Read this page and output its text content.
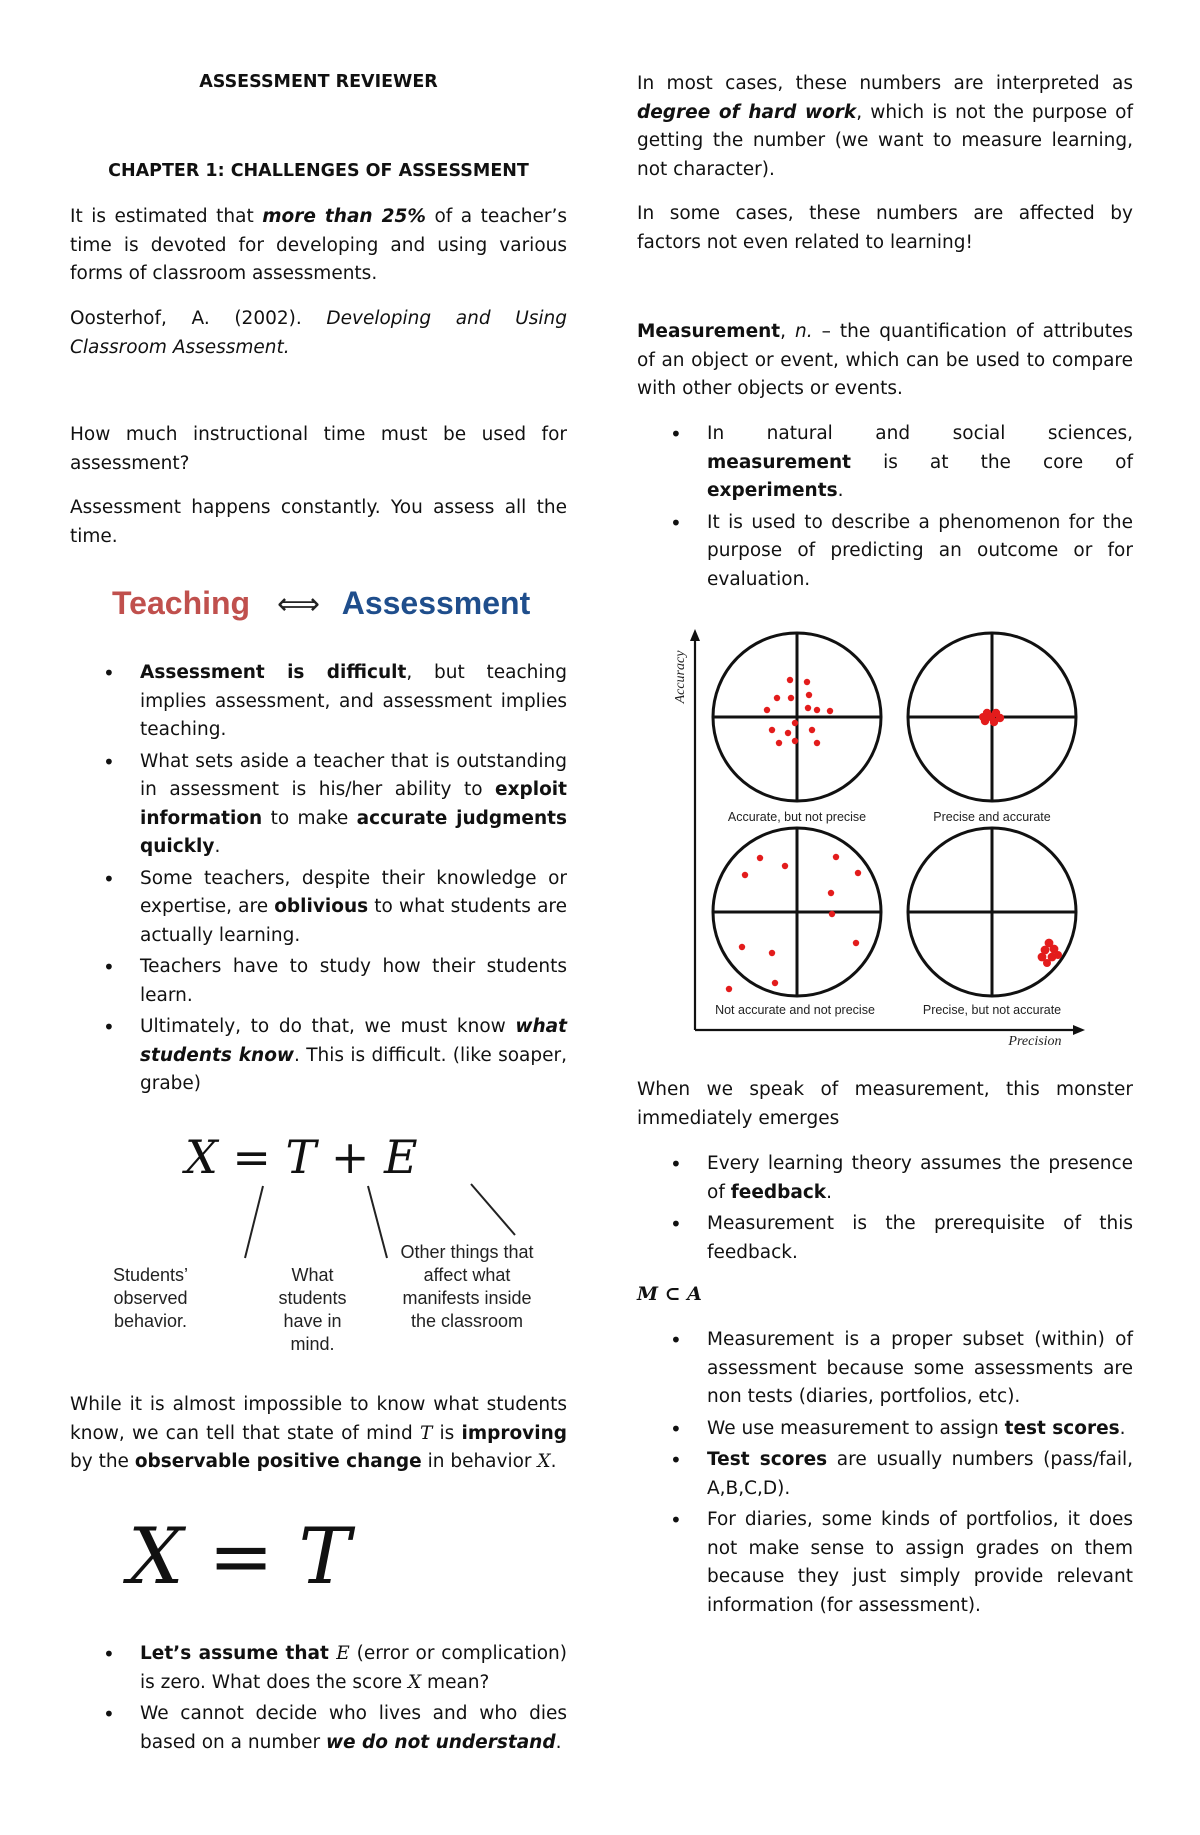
ASSESSMENT REVIEWER
CHAPTER 1: CHALLENGES OF ASSESSMENT

It is estimated that more than 25% of a teacher’s time is devoted for developing and using various forms of classroom assessments.

Oosterhof, A. (2002). Developing and Using Classroom Assessment.

How much instructional time must be used for assessment?

Assessment happens constantly. You assess all the time.

Teaching ⟺ Assessment
• Assessment is difficult, but teaching implies assessment, and assessment implies teaching.
• What sets aside a teacher that is outstanding in assessment is his/her ability to exploit information to make accurate judgments quickly.
• Some teachers, despite their knowledge or expertise, are oblivious to what students are actually learning.
• Teachers have to study how their students learn.
• Ultimately, to do that, we must know what students know. This is difficult. (like soaper, grabe)
X = T + E
Students’ observed behavior.
What students have in mind.
Other things that affect what manifests inside the classroom

While it is almost impossible to know what students know, we can tell that state of mind T is improving by the observable positive change in behavior X.

X = T
• Let’s assume that E (error or complication) is zero. What does the score X mean?
• We cannot decide who lives and who dies based on a number we do not understand.

In most cases, these numbers are interpreted as degree of hard work, which is not the purpose of getting the number (we want to measure learning, not character).

In some cases, these numbers are affected by factors not even related to learning!

Measurement, n. – the quantification of attributes of an object or event, which can be used to compare with other objects or events.

• In natural and social sciences, measurement is at the core of experiments.
• It is used to describe a phenomenon for the purpose of predicting an outcome or for evaluation.
Accurate, but not precise	Precise and accurate
Not accurate and not precise	Precise, but not accurate
Accuracy
Precision

When we speak of measurement, this monster immediately emerges

• Every learning theory assumes the presence of feedback.
• Measurement is the prerequisite of this feedback.
M ⊂ A
• Measurement is a proper subset (within) of assessment because some assessments are non tests (diaries, portfolios, etc).
• We use measurement to assign test scores.
• Test scores are usually numbers (pass/fail, A,B,C,D).
• For diaries, some kinds of portfolios, it does not make sense to assign grades on them because they just simply provide relevant information (for assessment).
